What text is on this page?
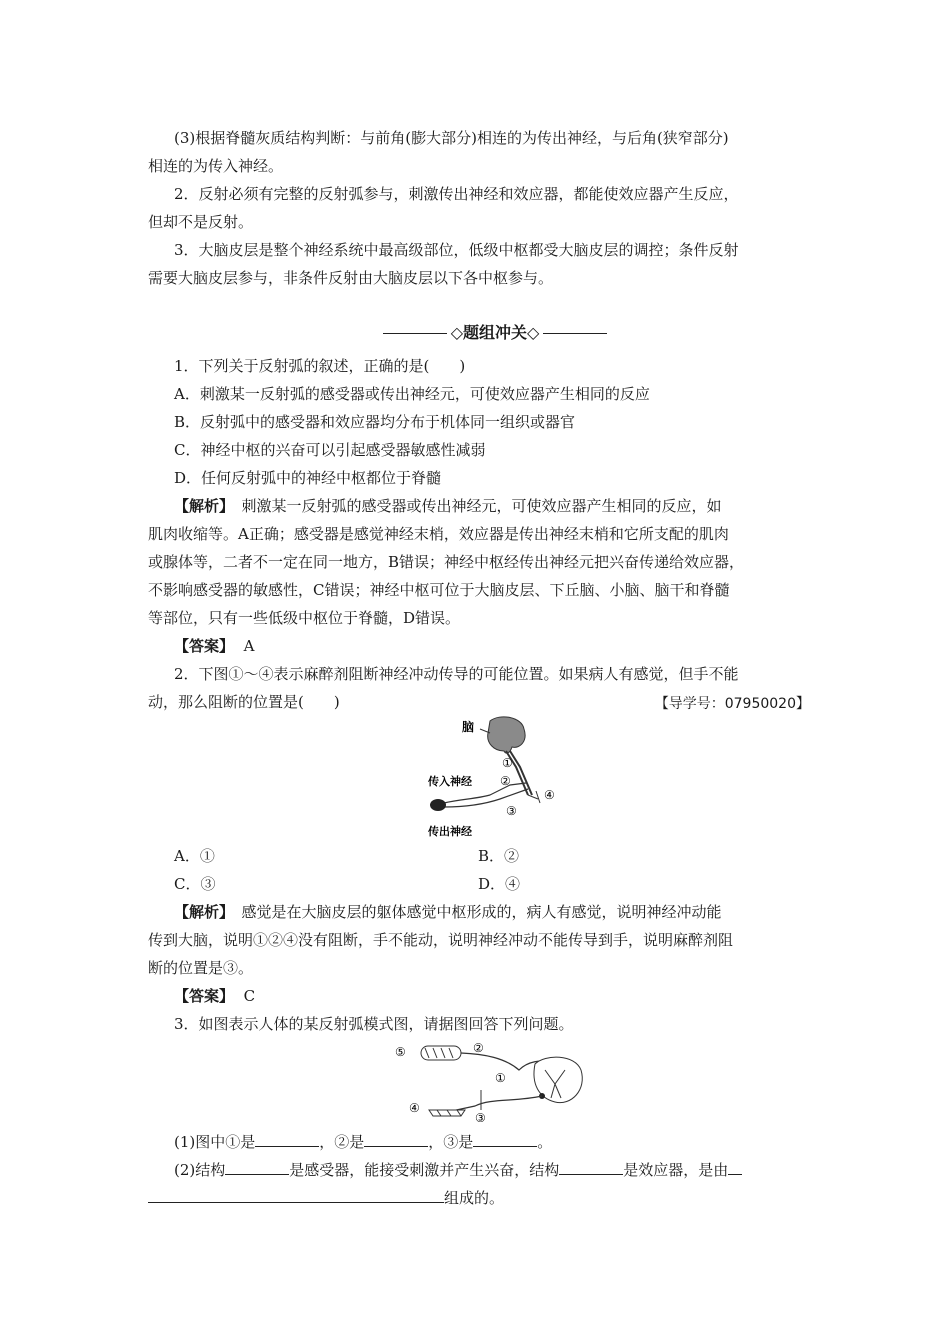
(3)根据脊髓灰质结构判断：与前角(膨大部分)相连的为传出神经，与后角(狭窄部分)
相连的为传入神经。
2．反射必须有完整的反射弧参与，刺激传出神经和效应器，都能使效应器产生反应，
但却不是反射。
3．大脑皮层是整个神经系统中最高级部位，低级中枢都受大脑皮层的调控；条件反射
需要大脑皮层参与，非条件反射由大脑皮层以下各中枢参与。
◇题组冲关◇
1．下列关于反射弧的叙述，正确的是(　　)
A．刺激某一反射弧的感受器或传出神经元，可使效应器产生相同的反应
B．反射弧中的感受器和效应器均分布于机体同一组织或器官
C．神经中枢的兴奋可以引起感受器敏感性减弱
D．任何反射弧中的神经中枢都位于脊髓
【解析】　刺激某一反射弧的感受器或传出神经元，可使效应器产生相同的反应，如
肌肉收缩等。A正确；感受器是感觉神经末梢，效应器是传出神经末梢和它所支配的肌肉
或腺体等，二者不一定在同一地方，B错误；神经中枢经传出神经元把兴奋传递给效应器，
不影响感受器的敏感性，C错误；神经中枢可位于大脑皮层、下丘脑、小脑、脑干和脊髓
等部位，只有一些低级中枢位于脊髓，D错误。
【答案】 A
2．下图①～④表示麻醉剂阻断神经冲动传导的可能位置。如果病人有感觉，但手不能
动，那么阻断的位置是(　　)	【导学号：07950020】
脑
①
②
传入神经
④
③
传出神经
A．①	B．②
C．③	D．④
【解析】　感觉是在大脑皮层的躯体感觉中枢形成的，病人有感觉，说明神经冲动能
传到大脑，说明①②④没有阻断，手不能动，说明神经冲动不能传导到手，说明麻醉剂阻
断的位置是③。
【答案】 C
3．如图表示人体的某反射弧模式图，请据图回答下列问题。
⑤	②
①
④
③
(1)图中①是	，②是	，③是	。
(2)结构	是感受器，能接受刺激并产生兴奋，结构	是效应器，是由
组成的。
